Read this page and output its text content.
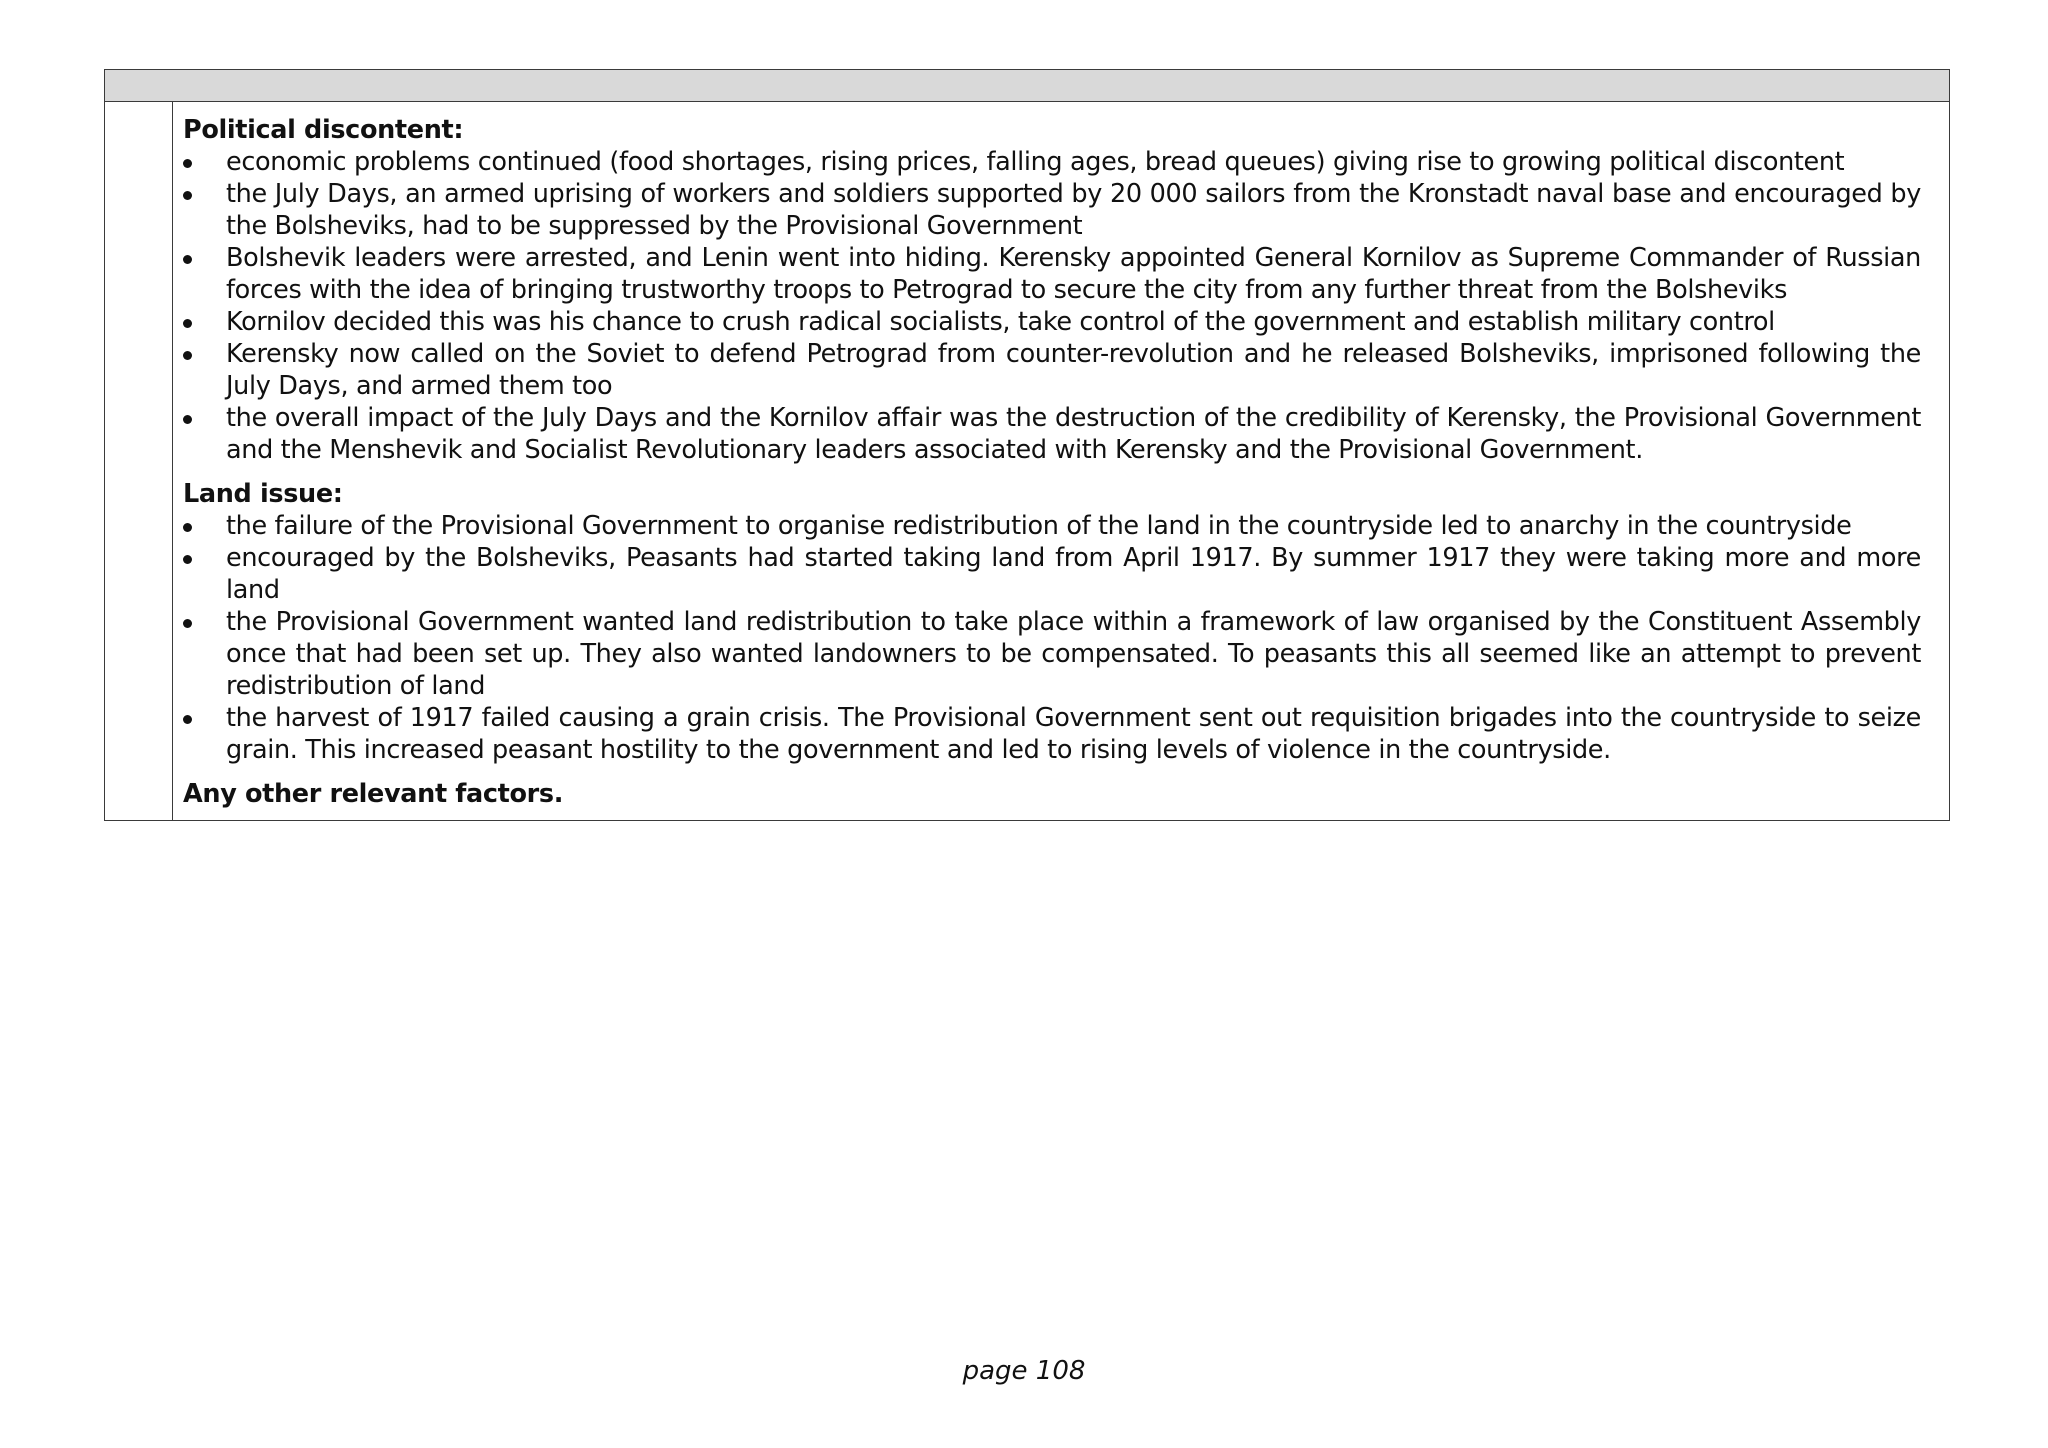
Political discontent:

economic problems continued (food shortages, rising prices, falling ages, bread queues) giving rise to growing political discontent
the July Days, an armed uprising of workers and soldiers supported by 20 000 sailors from the Kronstadt naval base and encouraged by the Bolsheviks, had to be suppressed by the Provisional Government
Bolshevik leaders were arrested, and Lenin went into hiding. Kerensky appointed General Kornilov as Supreme Commander of Russian forces with the idea of bringing trustworthy troops to Petrograd to secure the city from any further threat from the Bolsheviks
Kornilov decided this was his chance to crush radical socialists, take control of the government and establish military control
Kerensky now called on the Soviet to defend Petrograd from counter-revolution and he released Bolsheviks, imprisoned following the July Days, and armed them too
the overall impact of the July Days and the Kornilov affair was the destruction of the credibility of Kerensky, the Provisional Government and the Menshevik and Socialist Revolutionary leaders associated with Kerensky and the Provisional Government.

Land issue:

the failure of the Provisional Government to organise redistribution of the land in the countryside led to anarchy in the countryside
encouraged by the Bolsheviks, Peasants had started taking land from April 1917. By summer 1917 they were taking more and more land
the Provisional Government wanted land redistribution to take place within a framework of law organised by the Constituent Assembly once that had been set up. They also wanted landowners to be compensated. To peasants this all seemed like an attempt to prevent redistribution of land
the harvest of 1917 failed causing a grain crisis. The Provisional Government sent out requisition brigades into the countryside to seize grain. This increased peasant hostility to the government and led to rising levels of violence in the countryside.

Any other relevant factors.

page 108
